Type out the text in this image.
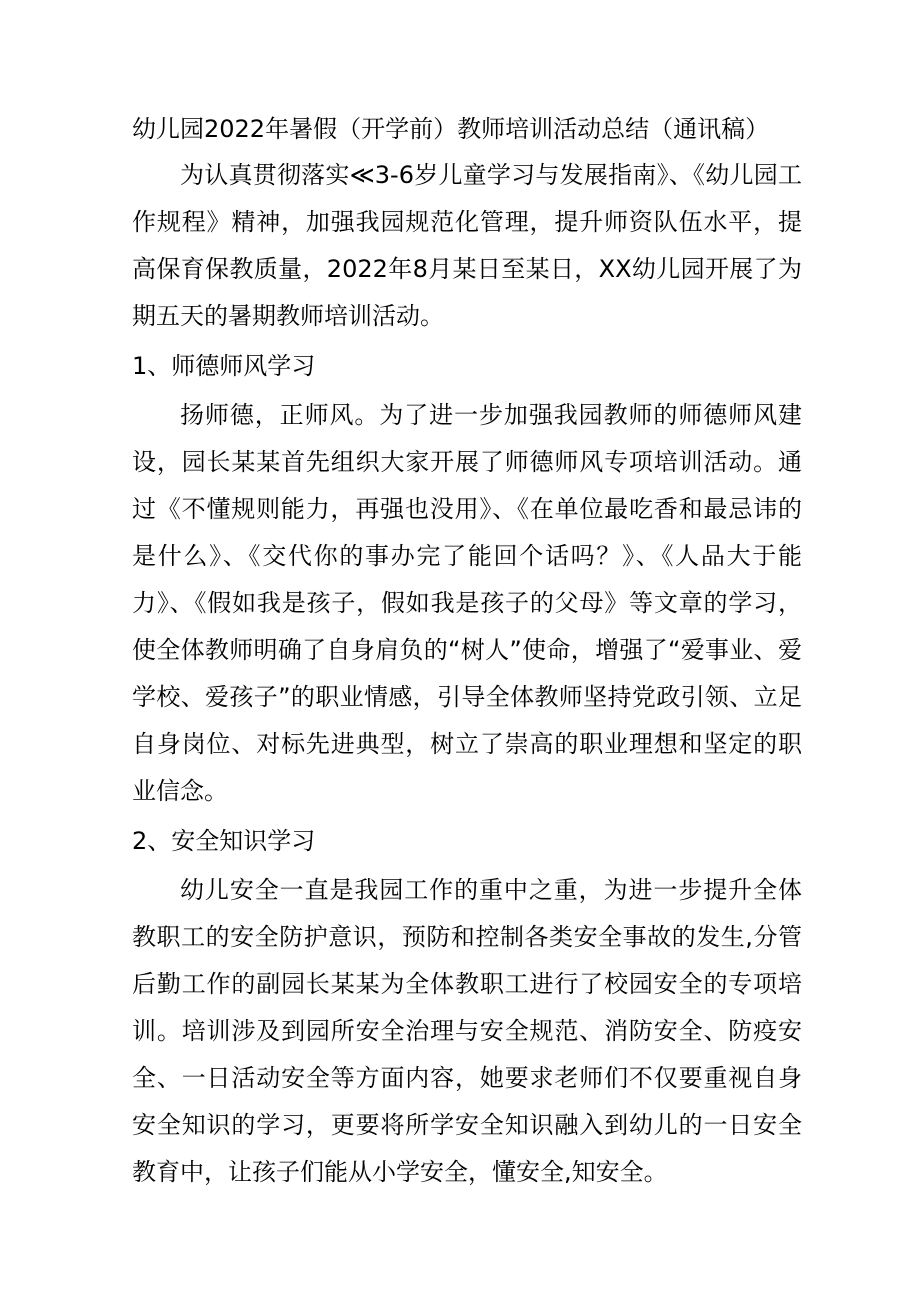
幼儿园2022年暑假（开学前）教师培训活动总结（通讯稿）

为认真贯彻落实≪3-6岁儿童学习与发展指南》、《幼儿园工作规程》精神，加强我园规范化管理，提升师资队伍水平，提高保育保教质量，2022年8月某日至某日，XX幼儿园开展了为期五天的暑期教师培训活动。

1、师德师风学习

扬师德，正师风。为了进一步加强我园教师的师德师风建设，园长某某首先组织大家开展了师德师风专项培训活动。通过《不懂规则能力，再强也没用》、《在单位最吃香和最忌讳的是什么》、《交代你的事办完了能回个话吗？》、《人品大于能力》、《假如我是孩子，假如我是孩子的父母》等文章的学习，使全体教师明确了自身肩负的“树人”使命，增强了“爱事业、爱学校、爱孩子”的职业情感，引导全体教师坚持党政引领、立足自身岗位、对标先进典型，树立了崇高的职业理想和坚定的职业信念。

2、安全知识学习

幼儿安全一直是我园工作的重中之重，为进一步提升全体教职工的安全防护意识，预防和控制各类安全事故的发生,分管后勤工作的副园长某某为全体教职工进行了校园安全的专项培训。培训涉及到园所安全治理与安全规范、消防安全、防疫安全、一日活动安全等方面内容，她要求老师们不仅要重视自身安全知识的学习，更要将所学安全知识融入到幼儿的一日安全教育中，让孩子们能从小学安全，懂安全,知安全。
